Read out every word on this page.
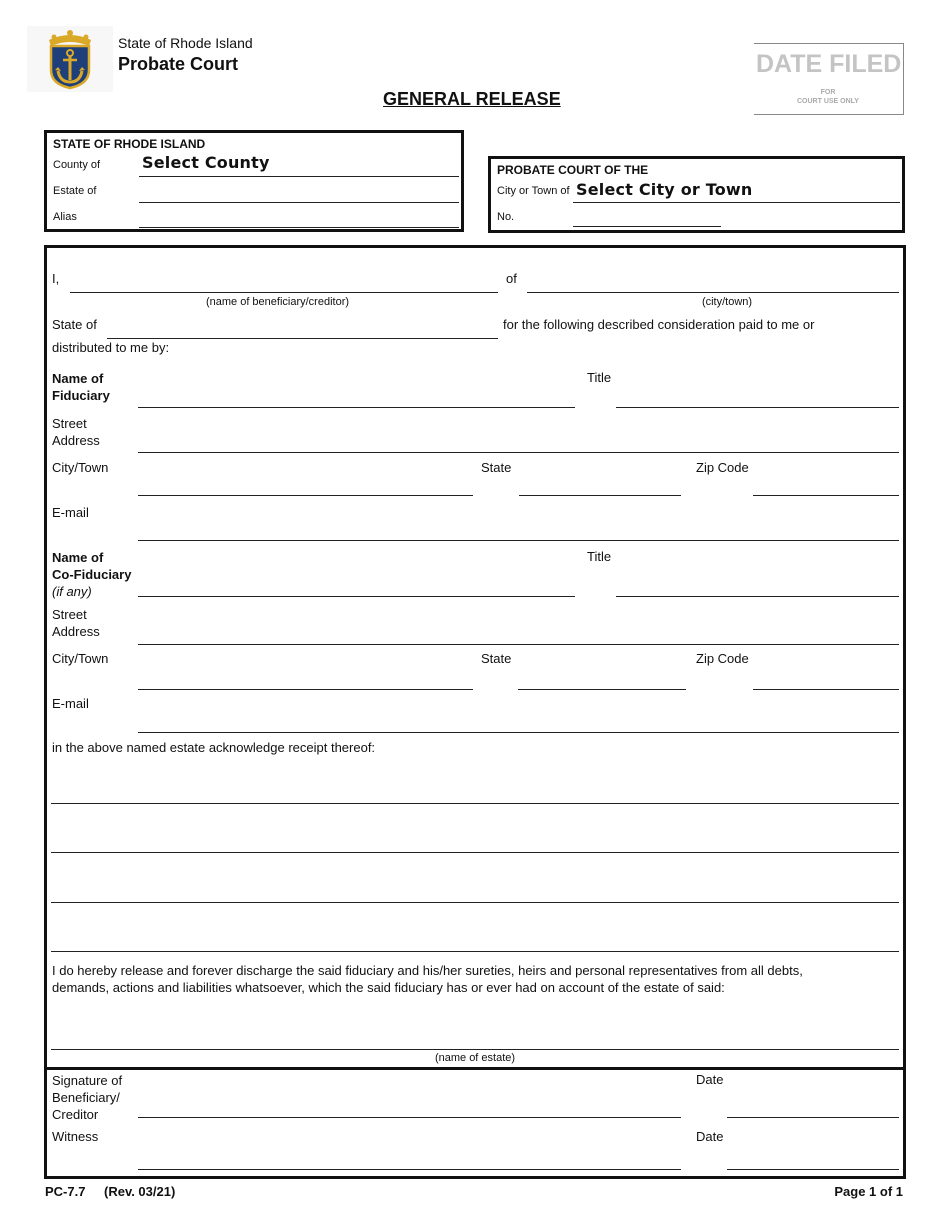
State of Rhode Island
Probate Court
GENERAL RELEASE
DATE FILED
FOR
COURT USE ONLY
STATE OF RHODE ISLAND
County of	Select County
Estate of
Alias
PROBATE COURT OF THE
City or Town of Select City or Town
No.
I,	of
(name of beneficiary/creditor)	(city/town)
State of	for the following described consideration paid to me or
distributed to me by:
Name of
Fiduciary
Title
Street
Address
City/Town	State	Zip Code
E-mail
Name of
Co-Fiduciary
(if any)
Title
Street
Address
City/Town	State	Zip Code
E-mail
in the above named estate acknowledge receipt thereof:
I do hereby release and forever discharge the said fiduciary and his/her sureties, heirs and personal representatives from all debts,
demands, actions and liabilities whatsoever, which the said fiduciary has or ever had on account of the estate of said:
(name of estate)
Signature of
Beneficiary/
Creditor
Date
Witness	Date
PC-7.7 (Rev. 03/21)	Page 1 of 1
